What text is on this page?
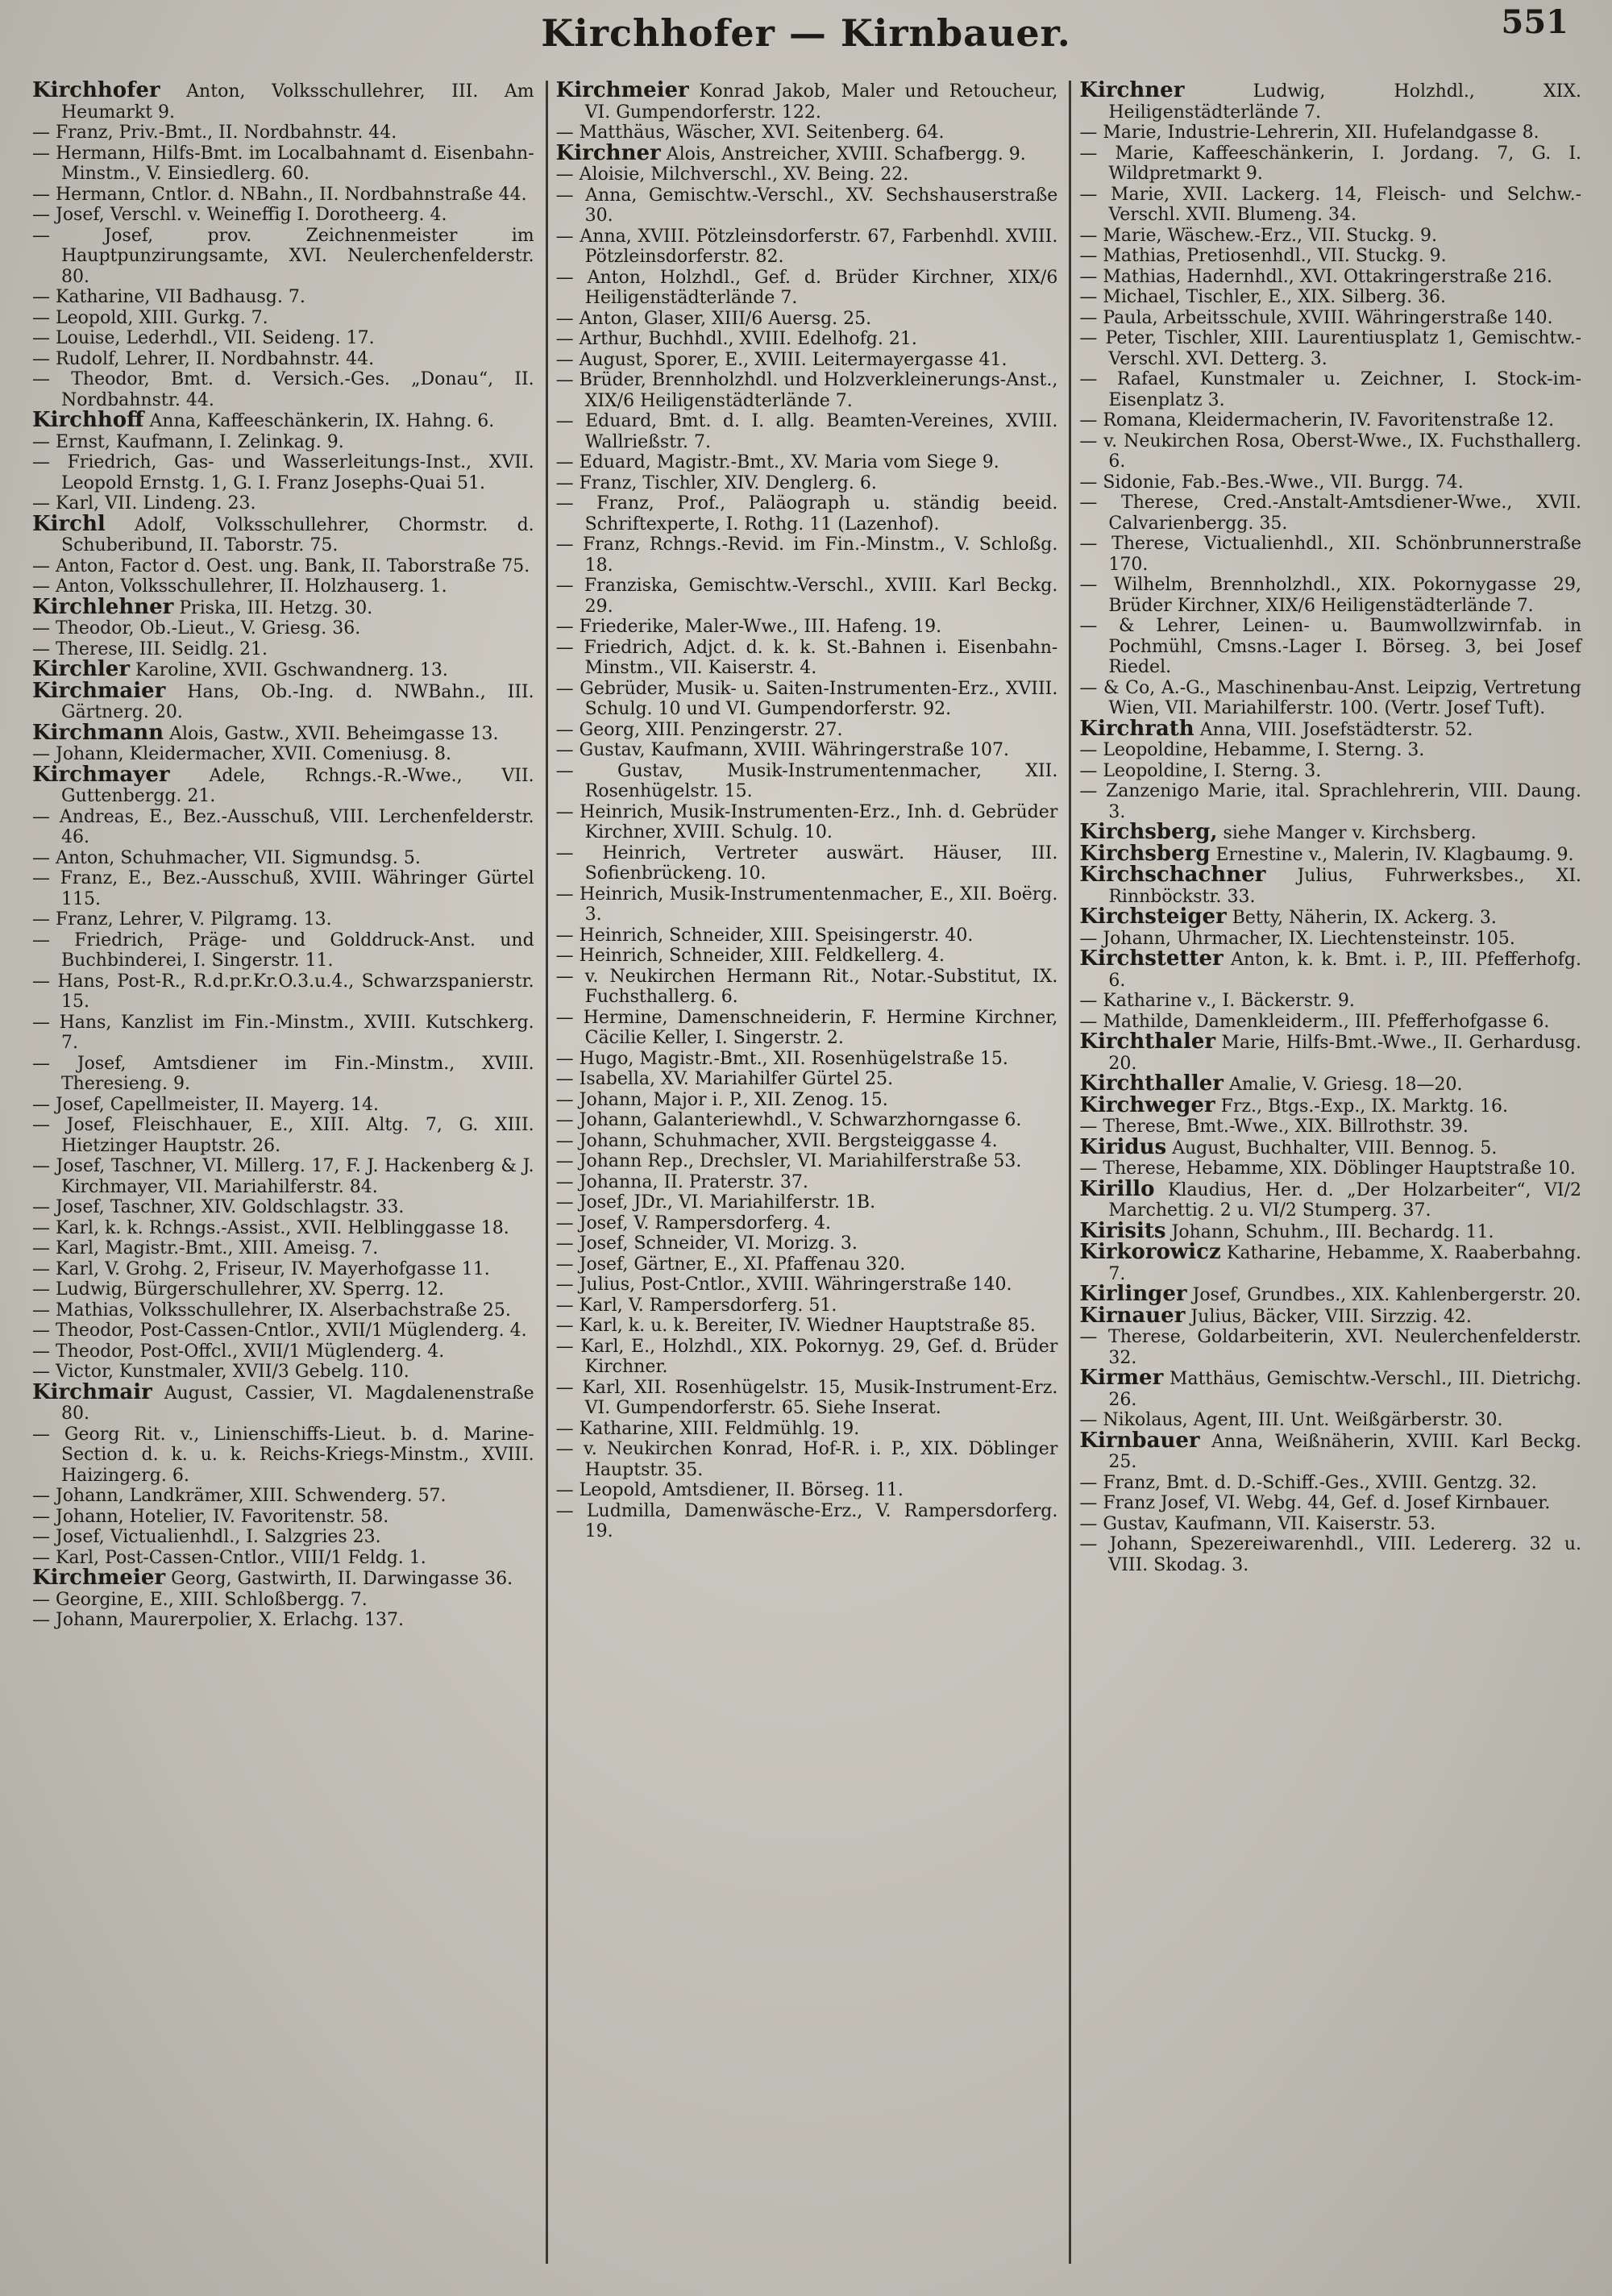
Kirchhofer — Kirnbauer.	551

Kirchhofer Anton, Volksschullehrer, III. Am Heumarkt 9.

— Franz, Priv.-Bmt., II. Nordbahnstr. 44.

— Hermann, Hilfs-Bmt. im Localbahnamt d. Eisenbahn-Minstm., V. Einsiedlerg. 60.

— Hermann, Cntlor. d. NBahn., II. Nordbahnstraße 44.

— Josef, Verschl. v. Weineffig I. Dorotheerg. 4.

— Josef, prov. Zeichnenmeister im Hauptpunzirungsamte, XVI. Neulerchenfelderstr. 80.

— Katharine, VII Badhausg. 7.

— Leopold, XIII. Gurkg. 7.

— Louise, Lederhdl., VII. Seideng. 17.

— Rudolf, Lehrer, II. Nordbahnstr. 44.

— Theodor, Bmt. d. Versich.-Ges. „Donau“, II. Nordbahnstr. 44.

Kirchhoff Anna, Kaffeeschänkerin, IX. Hahng. 6.

— Ernst, Kaufmann, I. Zelinkag. 9.

— Friedrich, Gas- und Wasserleitungs-Inst., XVII. Leopold Ernstg. 1, G. I. Franz Josephs-Quai 51.

— Karl, VII. Lindeng. 23.

Kirchl Adolf, Volksschullehrer, Chormstr. d. Schuberibund, II. Taborstr. 75.

— Anton, Factor d. Oest. ung. Bank, II. Taborstraße 75.

— Anton, Volksschullehrer, II. Holzhauserg. 1.

Kirchlehner Priska, III. Hetzg. 30.

— Theodor, Ob.-Lieut., V. Griesg. 36.

— Therese, III. Seidlg. 21.

Kirchler Karoline, XVII. Gschwandnerg. 13.

Kirchmaier Hans, Ob.-Ing. d. NWBahn., III. Gärtnerg. 20.

Kirchmann Alois, Gastw., XVII. Beheimgasse 13.

— Johann, Kleidermacher, XVII. Comeniusg. 8.

Kirchmayer Adele, Rchngs.-R.-Wwe., VII. Guttenbergg. 21.

— Andreas, E., Bez.-Ausschuß, VIII. Lerchenfelderstr. 46.

— Anton, Schuhmacher, VII. Sigmundsg. 5.

— Franz, E., Bez.-Ausschuß, XVIII. Währinger Gürtel 115.

— Franz, Lehrer, V. Pilgramg. 13.

— Friedrich, Präge- und Golddruck-Anst. und Buchbinderei, I. Singerstr. 11.

— Hans, Post-R., R.d.pr.Kr.O.3.u.4., Schwarzspanierstr. 15.

— Hans, Kanzlist im Fin.-Minstm., XVIII. Kutschkerg. 7.

— Josef, Amtsdiener im Fin.-Minstm., XVIII. Theresieng. 9.

— Josef, Capellmeister, II. Mayerg. 14.

— Josef, Fleischhauer, E., XIII. Altg. 7, G. XIII. Hietzinger Hauptstr. 26.

— Josef, Taschner, VI. Millerg. 17, F. J. Hackenberg & J. Kirchmayer, VII. Mariahilferstr. 84.

— Josef, Taschner, XIV. Goldschlagstr. 33.

— Karl, k. k. Rchngs.-Assist., XVII. Helblinggasse 18.

— Karl, Magistr.-Bmt., XIII. Ameisg. 7.

— Karl, V. Grohg. 2, Friseur, IV. Mayerhofgasse 11.

— Ludwig, Bürgerschullehrer, XV. Sperrg. 12.

— Mathias, Volksschullehrer, IX. Alserbachstraße 25.

— Theodor, Post-Cassen-Cntlor., XVII/1 Müglenderg. 4.

— Theodor, Post-Offcl., XVII/1 Müglenderg. 4.

— Victor, Kunstmaler, XVII/3 Gebelg. 110.

Kirchmair August, Cassier, VI. Magdalenenstraße 80.

— Georg Rit. v., Linienschiffs-Lieut. b. d. Marine-Section d. k. u. k. Reichs-Kriegs-Minstm., XVIII. Haizingerg. 6.

— Johann, Landkrämer, XIII. Schwenderg. 57.

— Johann, Hotelier, IV. Favoritenstr. 58.

— Josef, Victualienhdl., I. Salzgries 23.

— Karl, Post-Cassen-Cntlor., VIII/1 Feldg. 1.

Kirchmeier Georg, Gastwirth, II. Darwingasse 36.

— Georgine, E., XIII. Schloßbergg. 7.

— Johann, Maurerpolier, X. Erlachg. 137.

Kirchmeier Konrad Jakob, Maler und Retoucheur, VI. Gumpendorferstr. 122.

— Matthäus, Wäscher, XVI. Seitenberg. 64.

Kirchner Alois, Anstreicher, XVIII. Schafbergg. 9.

— Aloisie, Milchverschl., XV. Being. 22.

— Anna, Gemischtw.-Verschl., XV. Sechshauserstraße 30.

— Anna, XVIII. Pötzleinsdorferstr. 67, Farbenhdl. XVIII. Pötzleinsdorferstr. 82.

— Anton, Holzhdl., Gef. d. Brüder Kirchner, XIX/6 Heiligenstädterlände 7.

— Anton, Glaser, XIII/6 Auersg. 25.

— Arthur, Buchhdl., XVIII. Edelhofg. 21.

— August, Sporer, E., XVIII. Leitermayergasse 41.

— Brüder, Brennholzhdl. und Holzverkleinerungs-Anst., XIX/6 Heiligenstädterlände 7.

— Eduard, Bmt. d. I. allg. Beamten-Vereines, XVIII. Wallrießstr. 7.

— Eduard, Magistr.-Bmt., XV. Maria vom Siege 9.

— Franz, Tischler, XIV. Denglerg. 6.

— Franz, Prof., Paläograph u. ständig beeid. Schriftexperte, I. Rothg. 11 (Lazenhof).

— Franz, Rchngs.-Revid. im Fin.-Minstm., V. Schloßg. 18.

— Franziska, Gemischtw.-Verschl., XVIII. Karl Beckg. 29.

— Friederike, Maler-Wwe., III. Hafeng. 19.

— Friedrich, Adjct. d. k. k. St.-Bahnen i. Eisenbahn-Minstm., VII. Kaiserstr. 4.

— Gebrüder, Musik- u. Saiten-Instrumenten-Erz., XVIII. Schulg. 10 und VI. Gumpendorferstr. 92.

— Georg, XIII. Penzingerstr. 27.

— Gustav, Kaufmann, XVIII. Währingerstraße 107.

— Gustav, Musik-Instrumentenmacher, XII. Rosenhügelstr. 15.

— Heinrich, Musik-Instrumenten-Erz., Inh. d. Gebrüder Kirchner, XVIII. Schulg. 10.

— Heinrich, Vertreter auswärt. Häuser, III. Sofienbrückeng. 10.

— Heinrich, Musik-Instrumentenmacher, E., XII. Boërg. 3.

— Heinrich, Schneider, XIII. Speisingerstr. 40.

— Heinrich, Schneider, XIII. Feldkellerg. 4.

— v. Neukirchen Hermann Rit., Notar.-Substitut, IX. Fuchsthallerg. 6.

— Hermine, Damenschneiderin, F. Hermine Kirchner, Cäcilie Keller, I. Singerstr. 2.

— Hugo, Magistr.-Bmt., XII. Rosenhügelstraße 15.

— Isabella, XV. Mariahilfer Gürtel 25.

— Johann, Major i. P., XII. Zenog. 15.

— Johann, Galanteriewhdl., V. Schwarzhorngasse 6.

— Johann, Schuhmacher, XVII. Bergsteiggasse 4.

— Johann Rep., Drechsler, VI. Mariahilferstraße 53.

— Johanna, II. Praterstr. 37.

— Josef, JDr., VI. Mariahilferstr. 1B.

— Josef, V. Rampersdorferg. 4.

— Josef, Schneider, VI. Morizg. 3.

— Josef, Gärtner, E., XI. Pfaffenau 320.

— Julius, Post-Cntlor., XVIII. Währingerstraße 140.

— Karl, V. Rampersdorferg. 51.

— Karl, k. u. k. Bereiter, IV. Wiedner Hauptstraße 85.

— Karl, E., Holzhdl., XIX. Pokornyg. 29, Gef. d. Brüder Kirchner.

— Karl, XII. Rosenhügelstr. 15, Musik-Instrument-Erz. VI. Gumpendorferstr. 65. Siehe Inserat.

— Katharine, XIII. Feldmühlg. 19.

— v. Neukirchen Konrad, Hof-R. i. P., XIX. Döblinger Hauptstr. 35.

— Leopold, Amtsdiener, II. Börseg. 11.

— Ludmilla, Damenwäsche-Erz., V. Rampersdorferg. 19.

Kirchner	Ludwig, Holzhdl., XIX. Heiligenstädterlände 7.

— Marie, Industrie-Lehrerin, XII. Hufelandgasse 8.

— Marie, Kaffeeschänkerin, I. Jordang. 7, G. I. Wildpretmarkt 9.

— Marie, XVII. Lackerg. 14, Fleisch- und Selchw.-Verschl. XVII. Blumeng. 34.

— Marie, Wäschew.-Erz., VII. Stuckg. 9.

— Mathias, Pretiosenhdl., VII. Stuckg. 9.

— Mathias, Hadernhdl., XVI. Ottakringerstraße 216.

— Michael, Tischler, E., XIX. Silberg. 36.

— Paula, Arbeitsschule, XVIII. Währingerstraße 140.

— Peter, Tischler, XIII. Laurentiusplatz 1, Gemischtw.-Verschl. XVI. Detterg. 3.

— Rafael, Kunstmaler u. Zeichner, I. Stock-im-Eisenplatz 3.

— Romana, Kleidermacherin, IV. Favoritenstraße 12.

— v. Neukirchen Rosa, Oberst-Wwe., IX. Fuchsthallerg. 6.

— Sidonie, Fab.-Bes.-Wwe., VII. Burgg. 74.

— Therese, Cred.-Anstalt-Amtsdiener-Wwe., XVII. Calvarienbergg. 35.

— Therese, Victualienhdl., XII. Schönbrunnerstraße 170.

— Wilhelm, Brennholzhdl., XIX. Pokornygasse 29, Brüder Kirchner, XIX/6 Heiligenstädterlände 7.

— & Lehrer, Leinen- u. Baumwollzwirnfab. in Pochmühl, Cmsns.-Lager I. Börseg. 3, bei Josef Riedel.

— & Co, A.-G., Maschinenbau-Anst. Leipzig, Vertretung Wien, VII. Mariahilferstr. 100. (Vertr. Josef Tuft).

Kirchrath Anna, VIII. Josefstädterstr. 52.

— Leopoldine, Hebamme, I. Sterng. 3.

— Leopoldine, I. Sterng. 3.

— Zanzenigo Marie, ital. Sprachlehrerin, VIII. Daung. 3.

Kirchsberg, siehe Manger v. Kirchsberg.

Kirchsberg Ernestine v., Malerin, IV. Klagbaumg. 9.

Kirchschachner Julius, Fuhrwerksbes., XI. Rinnböckstr. 33.

Kirchsteiger Betty, Näherin, IX. Ackerg. 3.

— Johann, Uhrmacher, IX. Liechtensteinstr. 105.

Kirchstetter Anton, k. k. Bmt. i. P., III. Pfefferhofg. 6.

— Katharine v., I. Bäckerstr. 9.

— Mathilde, Damenkleiderm., III. Pfefferhofgasse 6.

Kirchthaler Marie, Hilfs-Bmt.-Wwe., II. Gerhardusg. 20.

Kirchthaller Amalie, V. Griesg. 18—20.

Kirchweger Frz., Btgs.-Exp., IX. Marktg. 16.

— Therese, Bmt.-Wwe., XIX. Billrothstr. 39.

Kiridus August, Buchhalter, VIII. Bennog. 5.

— Therese, Hebamme, XIX. Döblinger Hauptstraße 10.

Kirillo Klaudius, Her. d. „Der Holzarbeiter“, VI/2 Marchettig. 2 u. VI/2 Stumperg. 37.

Kirisits Johann, Schuhm., III. Bechardg. 11.

Kirkorowicz Katharine, Hebamme, X. Raaberbahng. 7.

Kirlinger Josef, Grundbes., XIX. Kahlenbergerstr. 20.

Kirnauer Julius, Bäcker, VIII. Sirzzig. 42.

— Therese, Goldarbeiterin, XVI. Neulerchenfelderstr. 32.

Kirmer Matthäus, Gemischtw.-Verschl., III. Dietrichg. 26.

— Nikolaus, Agent, III. Unt. Weißgärberstr. 30.

Kirnbauer Anna, Weißnäherin, XVIII. Karl Beckg. 25.

— Franz, Bmt. d. D.-Schiff.-Ges., XVIII. Gentzg. 32.

— Franz Josef, VI. Webg. 44, Gef. d. Josef Kirnbauer.

— Gustav, Kaufmann, VII. Kaiserstr. 53.

— Johann, Spezereiwarenhdl., VIII. Ledererg. 32 u. VIII. Skodag. 3.
